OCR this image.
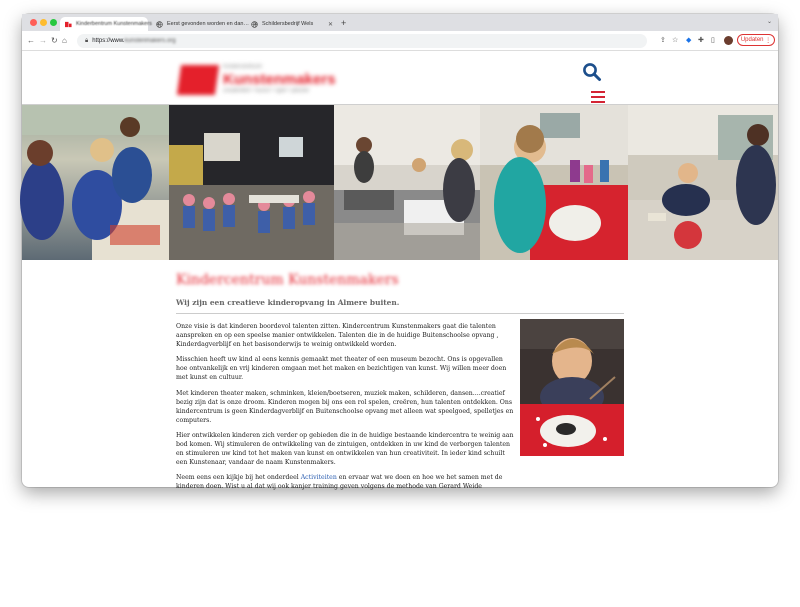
Kinderbentrum Kunstenmakers ✕ Eerst gevonden worden en dan… ✕ Schildersbedrijf Wels	✕ +	⌄
← → ↻ ⌂	🔒︎ https://www. kunstenmakers.org	⇪ ☆ ◆ ✚ ▯	Updaten ⋮
Kindercentrum
Kunstenmakers
creativiteit • kunst • spel • plezier
Kindercentrum Kunstenmakers
Wij zijn een creatieve kinderopvang in Almere buiten.

Onze visie is dat kinderen boordevol talenten zitten. Kindercentrum Kunstenmakers gaat die talenten aanspreken en op een speelse manier ontwikkelen. Talenten die in de huidige Buitenschoolse opvang , Kinderdagverblijf en het basisonderwijs te weinig ontwikkeld worden.

Misschien heeft uw kind al eens kennis gemaakt met theater of een museum bezocht. Ons is opgevallen hoe ontvankelijk en vrij kinderen omgaan met het maken en bezichtigen van kunst. Wij willen meer doen met kunst en cultuur.

Met kinderen theater maken, schminken, kleien/boetseren, muziek maken, schilderen, dansen....creatief bezig zijn dat is onze droom. Kinderen mogen bij ons een rol spelen, creëren, hun talenten ontdekken. Ons kindercentrum is geen Kinderdagverblijf en Buitenschoolse opvang met alleen wat speelgoed, spelletjes en computers.

Hier ontwikkelen kinderen zich verder op gebieden die in de huidige bestaande kindercentra te weinig aan bod komen. Wij stimuleren de ontwikkeling van de zintuigen, ontdekken in uw kind de verborgen talenten en stimuleren uw kind tot het maken van kunst en ontwikkelen van hun creativiteit. In ieder kind schuilt een Kunstenaar, vandaar de naam Kunstenmakers.

Neem eens een kijkje bij het onderdeel Activiteiten en ervaar wat we doen en hoe we het samen met de kinderen doen. Wist u al dat wij ook kanjer training geven volgens de methode van Gerard Weide
